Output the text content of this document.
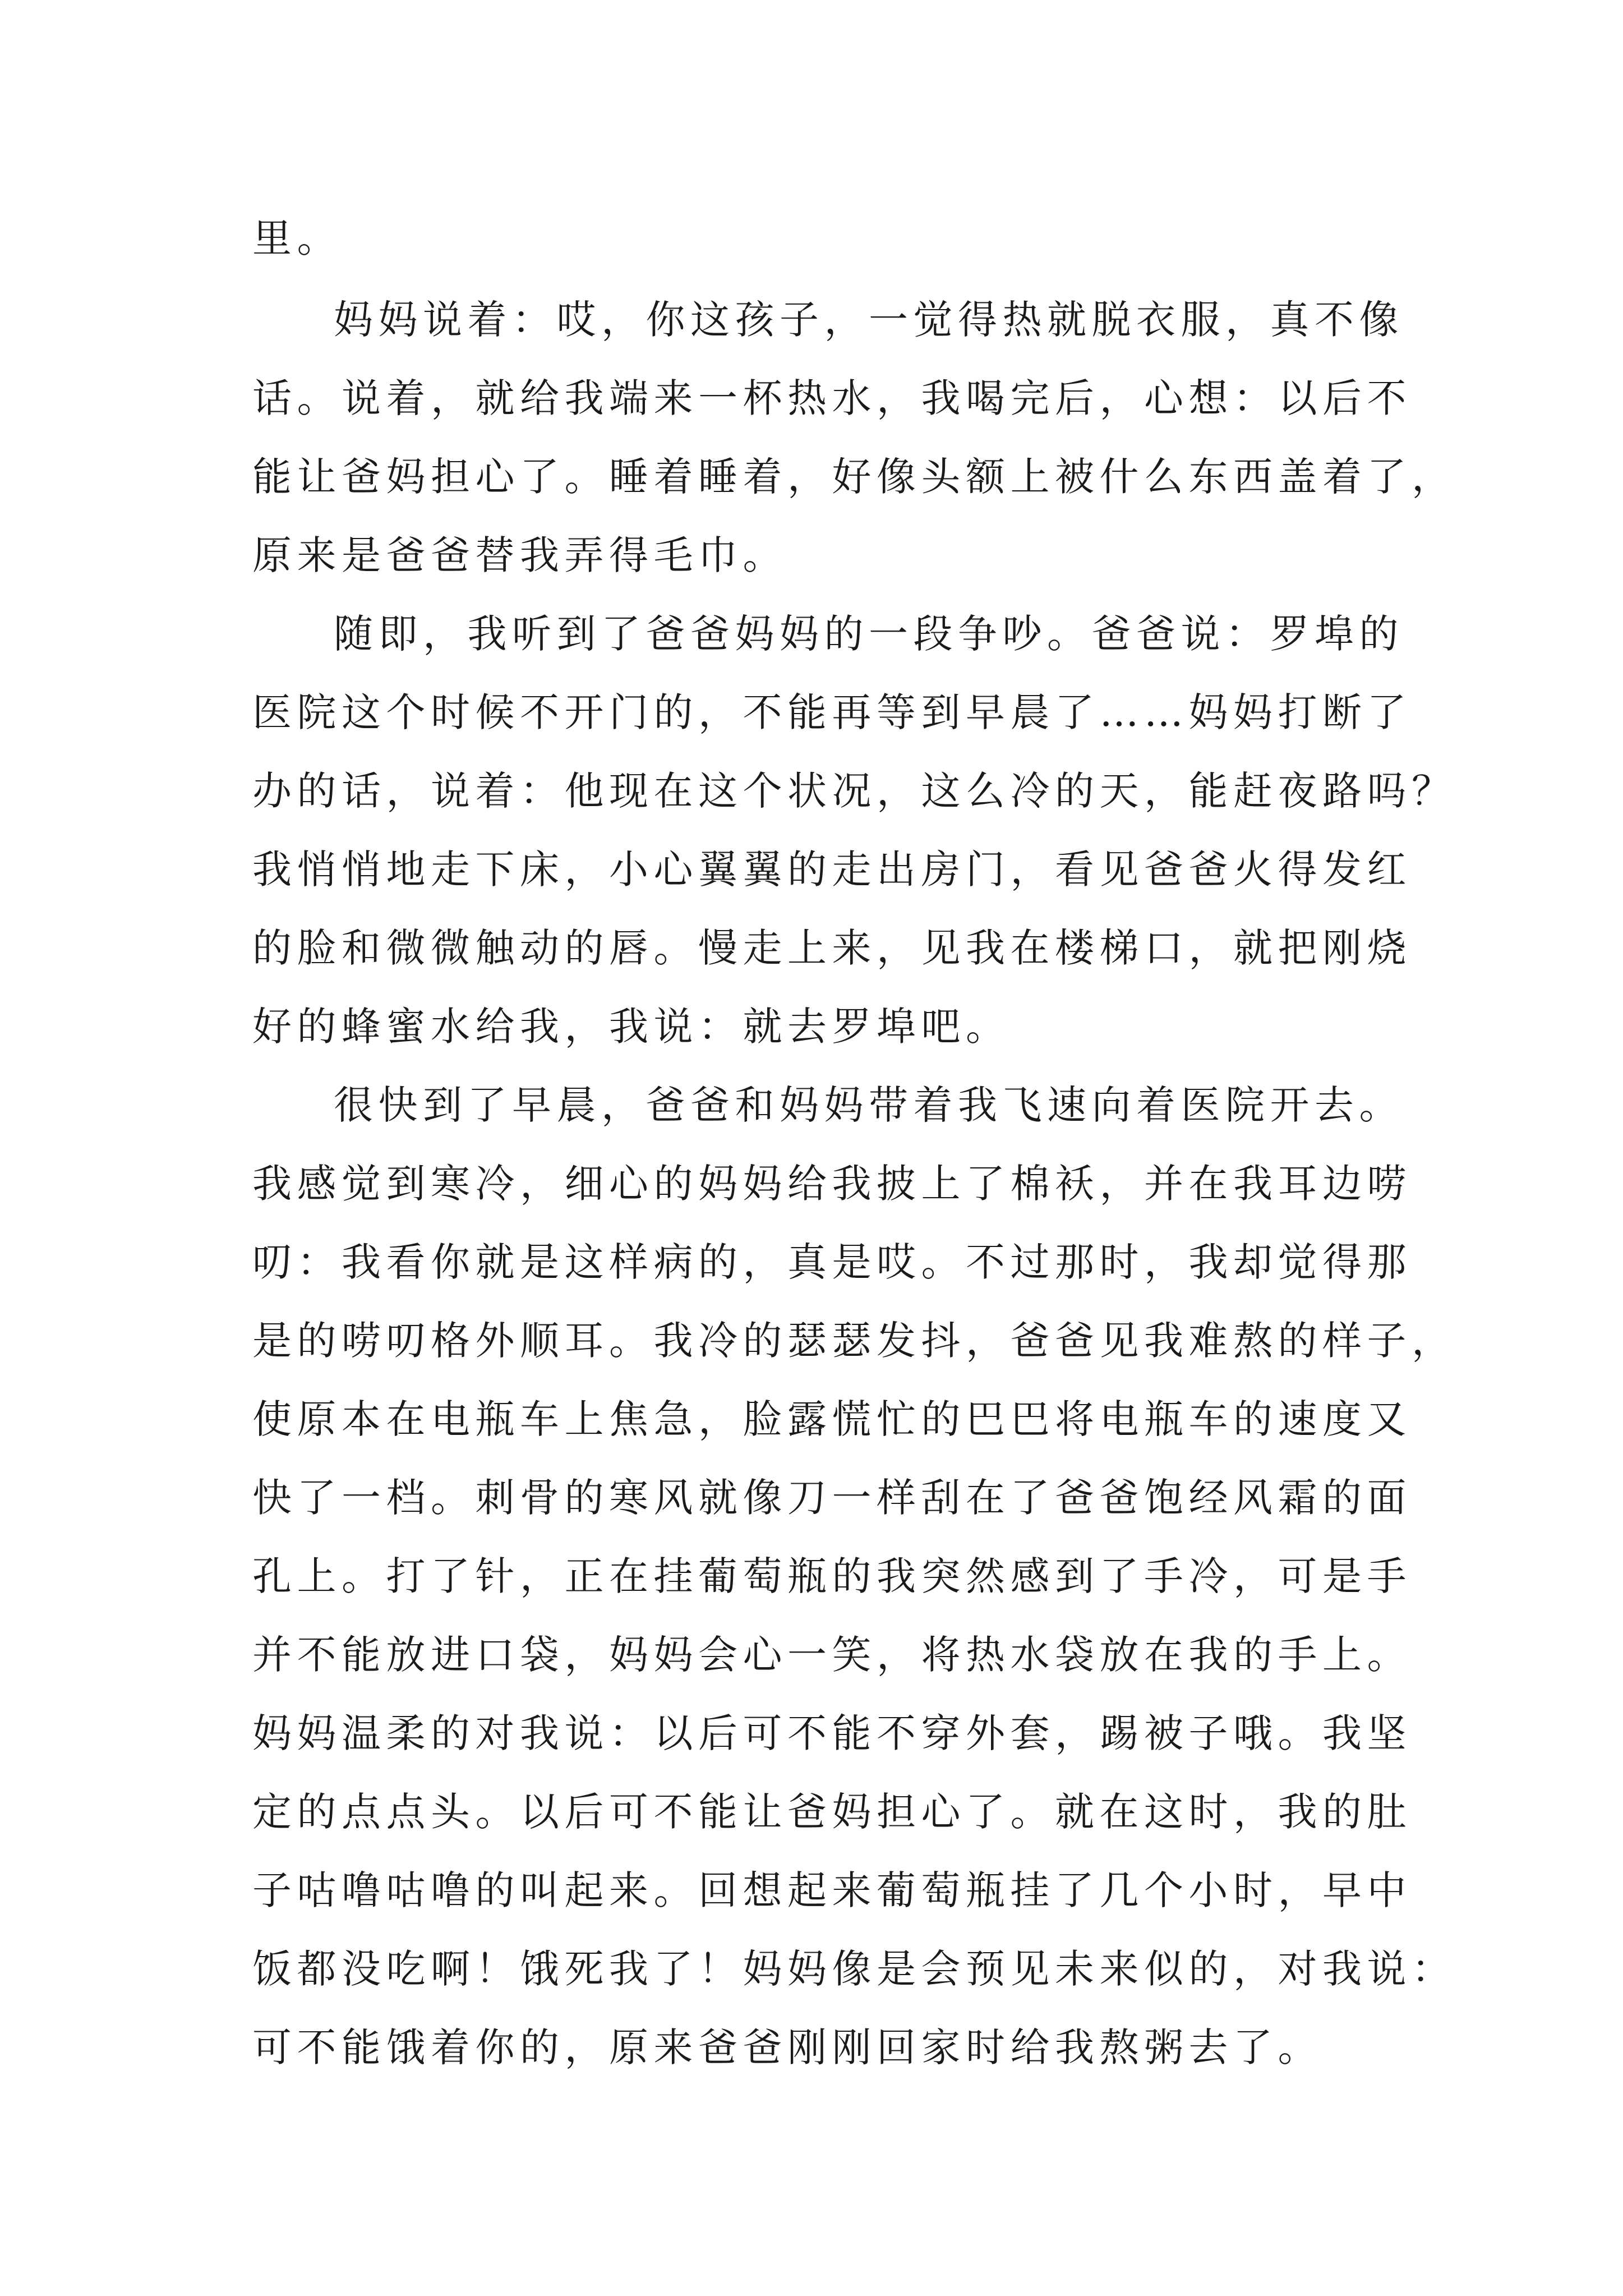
里。
妈妈说着：哎，你这孩子，一觉得热就脱衣服，真不像
话。说着，就给我端来一杯热水，我喝完后，心想：以后不
能让爸妈担心了。睡着睡着，好像头额上被什么东西盖着了，
原来是爸爸替我弄得毛巾。
随即，我听到了爸爸妈妈的一段争吵。爸爸说：罗埠的
医院这个时候不开门的，不能再等到早晨了……妈妈打断了
办的话，说着：他现在这个状况，这么冷的天，能赶夜路吗？
我悄悄地走下床，小心翼翼的走出房门，看见爸爸火得发红
的脸和微微触动的唇。慢走上来，见我在楼梯口，就把刚烧
好的蜂蜜水给我，我说：就去罗埠吧。
很快到了早晨，爸爸和妈妈带着我飞速向着医院开去。
我感觉到寒冷，细心的妈妈给我披上了棉袄，并在我耳边唠
叨：我看你就是这样病的，真是哎。不过那时，我却觉得那
是的唠叨格外顺耳。我冷的瑟瑟发抖，爸爸见我难熬的样子，
使原本在电瓶车上焦急，脸露慌忙的巴巴将电瓶车的速度又
快了一档。刺骨的寒风就像刀一样刮在了爸爸饱经风霜的面
孔上。打了针，正在挂葡萄瓶的我突然感到了手冷，可是手
并不能放进口袋，妈妈会心一笑，将热水袋放在我的手上。
妈妈温柔的对我说：以后可不能不穿外套，踢被子哦。我坚
定的点点头。以后可不能让爸妈担心了。就在这时，我的肚
子咕噜咕噜的叫起来。回想起来葡萄瓶挂了几个小时，早中
饭都没吃啊！饿死我了！妈妈像是会预见未来似的，对我说：
可不能饿着你的，原来爸爸刚刚回家时给我熬粥去了。
